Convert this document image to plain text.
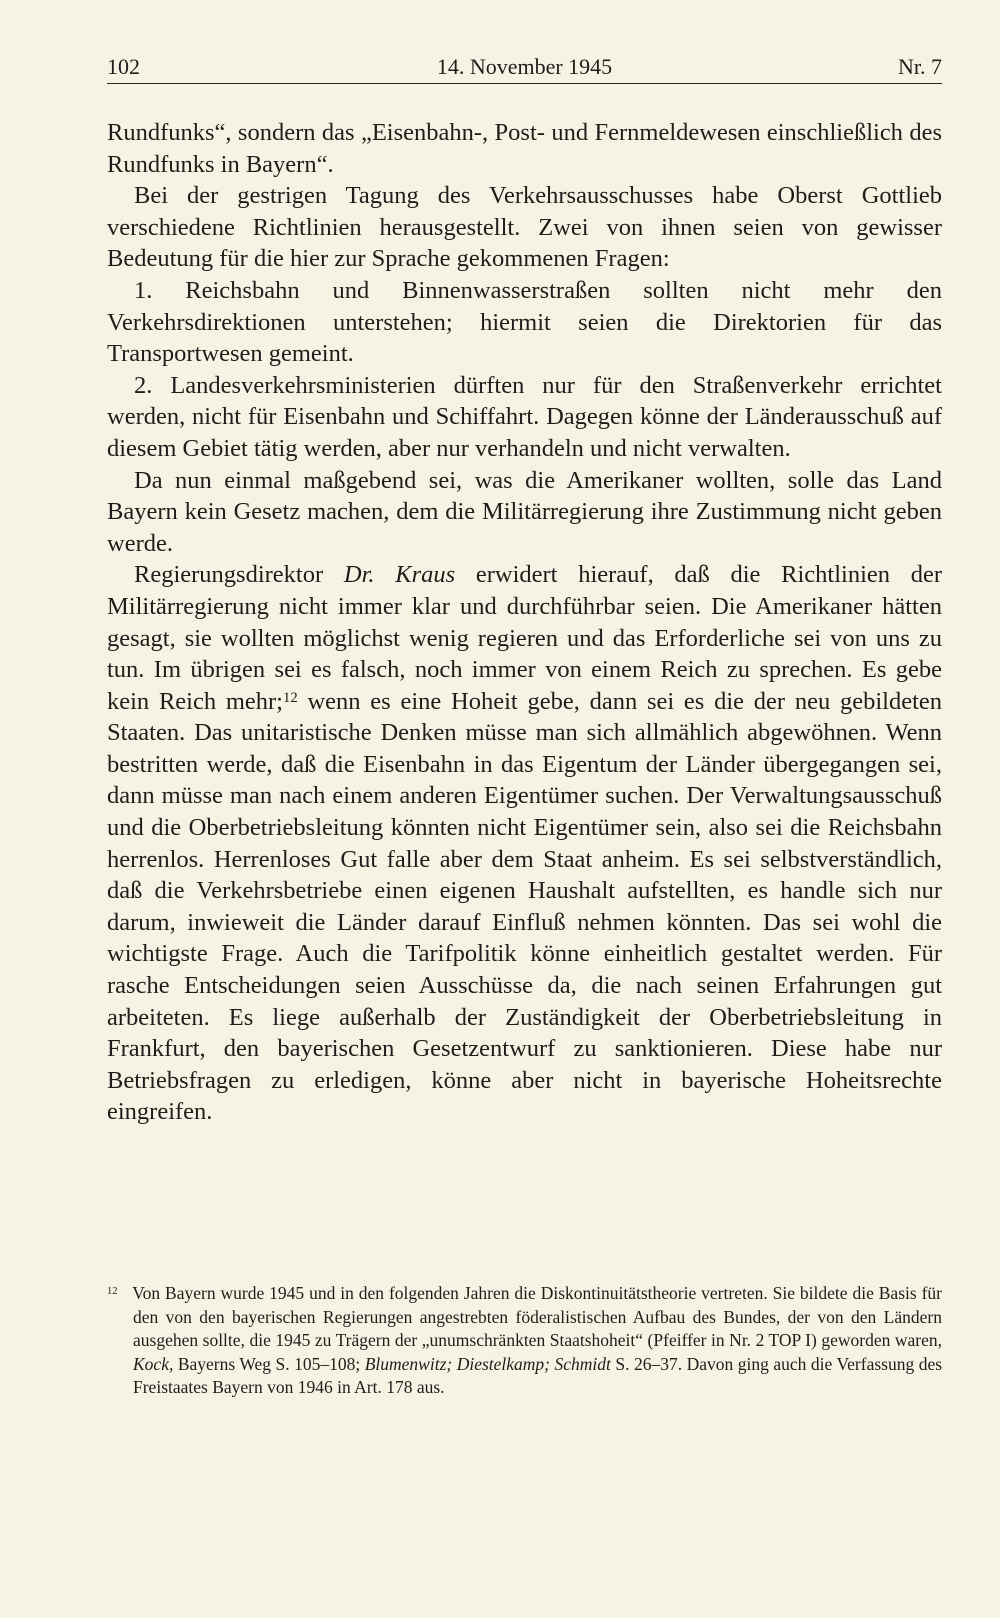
102	14. November 1945	Nr. 7

Rundfunks“, sondern das „Eisenbahn-, Post- und Fernmeldewesen einschließlich des Rundfunks in Bayern“.

Bei der gestrigen Tagung des Verkehrsausschusses habe Oberst Gottlieb verschiedene Richtlinien herausgestellt. Zwei von ihnen seien von gewisser Bedeutung für die hier zur Sprache gekommenen Fragen:

1. Reichsbahn und Binnenwasserstraßen sollten nicht mehr den Verkehrsdirektionen unterstehen; hiermit seien die Direktorien für das Transportwesen gemeint.

2. Landesverkehrsministerien dürften nur für den Straßenverkehr errichtet werden, nicht für Eisenbahn und Schiffahrt. Dagegen könne der Länderausschuß auf diesem Gebiet tätig werden, aber nur verhandeln und nicht verwalten.

Da nun einmal maßgebend sei, was die Amerikaner wollten, solle das Land Bayern kein Gesetz machen, dem die Militärregierung ihre Zustimmung nicht geben werde.

Regierungsdirektor Dr. Kraus erwidert hierauf, daß die Richtlinien der Militärregierung nicht immer klar und durchführbar seien. Die Amerikaner hätten gesagt, sie wollten möglichst wenig regieren und das Erforderliche sei von uns zu tun. Im übrigen sei es falsch, noch immer von einem Reich zu sprechen. Es gebe kein Reich mehr;$^{12}$ wenn es eine Hoheit gebe, dann sei es die der neu gebildeten Staaten. Das unitaristische Denken müsse man sich allmählich abgewöhnen. Wenn bestritten werde, daß die Eisenbahn in das Eigentum der Länder übergegangen sei, dann müsse man nach einem anderen Eigentümer suchen. Der Verwaltungsausschuß und die Oberbetriebsleitung könnten nicht Eigentümer sein, also sei die Reichsbahn herrenlos. Herrenloses Gut falle aber dem Staat anheim. Es sei selbstverständlich, daß die Verkehrsbetriebe einen eigenen Haushalt aufstellten, es handle sich nur darum, inwieweit die Länder darauf Einfluß nehmen könnten. Das sei wohl die wichtigste Frage. Auch die Tarifpolitik könne einheitlich gestaltet werden. Für rasche Entscheidungen seien Ausschüsse da, die nach seinen Erfahrungen gut arbeiteten. Es liege außerhalb der Zuständigkeit der Oberbetriebsleitung in Frankfurt, den bayerischen Gesetzentwurf zu sanktionieren. Diese habe nur Betriebsfragen zu erledigen, könne aber nicht in bayerische Hoheitsrechte eingreifen.

$^{12}$ Von Bayern wurde 1945 und in den folgenden Jahren die Diskontinuitätstheorie vertreten. Sie bildete die Basis für den von den bayerischen Regierungen angestrebten föderalistischen Aufbau des Bundes, der von den Ländern ausgehen sollte, die 1945 zu Trägern der „unumschränkten Staatshoheit“ (Pfeiffer in Nr. 2 TOP I) geworden waren, Kock, Bayerns Weg S. 105–108; Blumenwitz; Diestelkamp; Schmidt S. 26–37. Davon ging auch die Verfassung des Freistaates Bayern von 1946 in Art. 178 aus.
